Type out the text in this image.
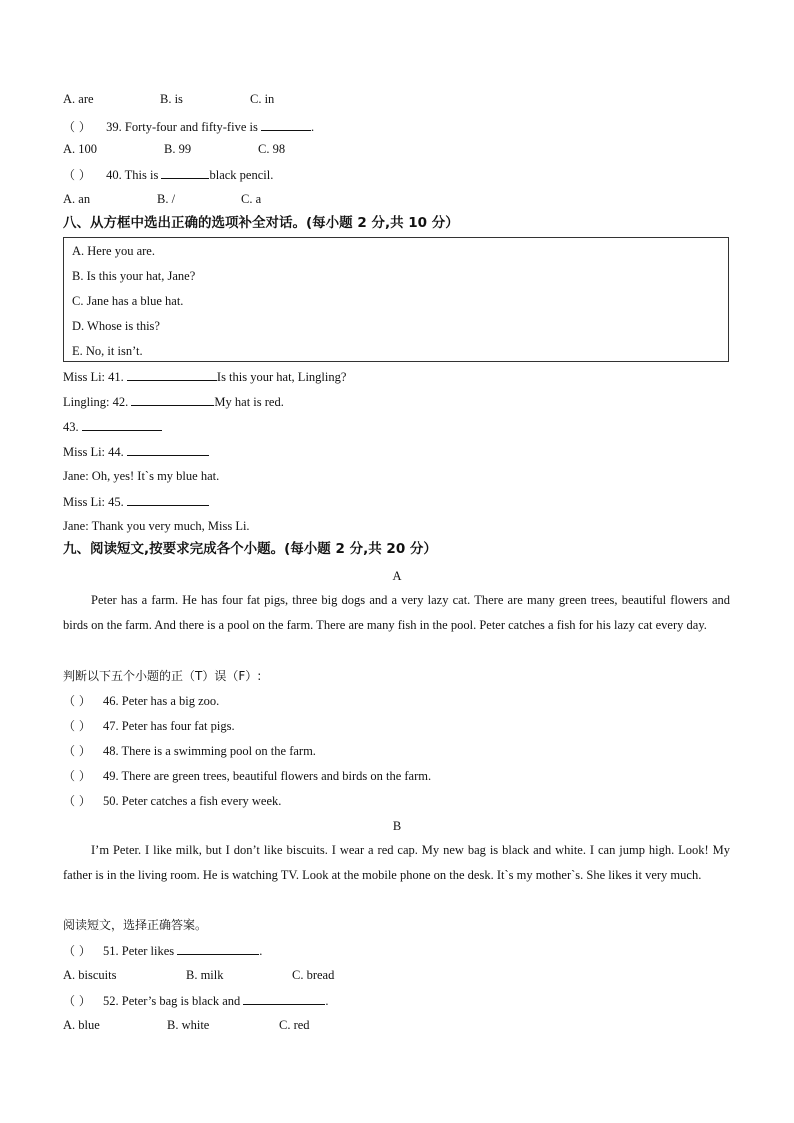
A. are	B. is	C. in
（ ） 39. Forty-four and fifty-five is	.
A. 100	B. 99	C. 98
（ ） 40. This is	black pencil.
A. an	B. /	C. a
八、从方框中选出正确的选项补全对话。(每小题 2 分,共 10 分）
A. Here you are.
B. Is this your hat, Jane?
C. Jane has a blue hat.
D. Whose is this?
E. No, it isn’t.
Miss Li: 41.	Is this your hat, Lingling?
Lingling: 42.	My hat is red.
43.
Miss Li: 44.
Jane: Oh, yes! It`s my blue hat.
Miss Li: 45.
Jane: Thank you very much, Miss Li.
九、阅读短文,按要求完成各个小题。(每小题 2 分,共 20 分）
A
Peter has a farm. He has four fat pigs, three big dogs and a very lazy cat. There are many green trees, beautiful flowers and birds on the farm. And there is a pool on the farm. There are many fish in the pool. Peter catches a fish for his lazy cat every day.
判断以下五个小题的正（T）误（F）:
（ ） 46. Peter has a big zoo.
（ ） 47. Peter has four fat pigs.
（ ） 48. There is a swimming pool on the farm.
（ ） 49. There are green trees, beautiful flowers and birds on the farm.
（ ） 50. Peter catches a fish every week.
B
I’m Peter. I like milk, but I don’t like biscuits. I wear a red cap. My new bag is black and white. I can jump high. Look! My father is in the living room. He is watching TV. Look at the mobile phone on the desk. It`s my mother`s. She likes it very much.
阅读短文，选择正确答案。
（ ） 51. Peter likes	.
A. biscuits	B. milk	C. bread
（ ） 52. Peter’s bag is black and	.
A. blue	B. white	C. red
